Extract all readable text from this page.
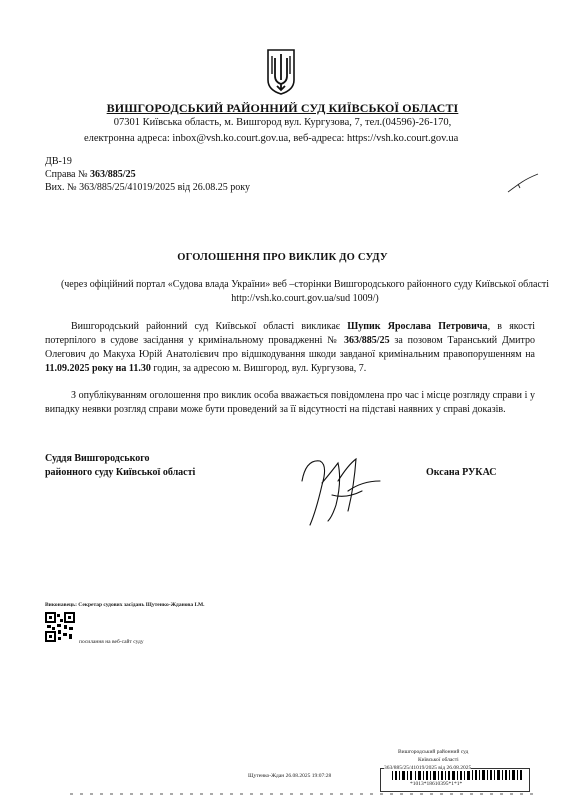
ВИШГОРОДСЬКИЙ РАЙОННИЙ СУД КИЇВСЬКОЇ ОБЛАСТІ
07301 Київська область, м. Вишгород вул. Кургузова, 7, тел.(04596)-26-170,
електронна адреса: inbox@vsh.ko.court.gov.ua, веб-адреса: https://vsh.ko.court.gov.ua
ДВ-19
Справа № 363/885/25
Вих. № 363/885/25/41019/2025 від 26.08.25 року
ОГОЛОШЕННЯ ПРО ВИКЛИК ДО СУДУ
(через офіційний портал «Судова влада України» веб –сторінки Вишгородського районного суду Київської області http://vsh.ko.court.gov.ua/sud 1009/)
Вишгородський районний суд Київської області викликає Шупик Ярослава Петровича, в якості потерпілого в судове засідання у кримінальному провадженні № 363/885/25 за позовом Таранський Дмитро Олегович до Макуха Юрій Анатолієвич про відшкодування шкоди завданої кримінальним правопорушенням на 11.09.2025 року на 11.30 годин, за адресою м. Вишгород, вул. Кургузова, 7.
З опублікуванням оголошення про виклик особа вважається повідомлена про час і місце розгляду справи і у випадку неявки розгляд справи може бути проведений за її відсутності на підставі наявних у справі доказів.
Суддя Вишгородського
районного суду Київської області	Оксана РУКАС
Виконавець: Секретар судових засідань Щутенко-Жданова І.М.
посилання на веб-сайт суду
Вишгородський районний суд
Київської області
363/885/25/41019/2025 від 26.08.2025
Щутенко-Ждан 26.08.2025 19:07:28
*1013*18610395*1*1*
